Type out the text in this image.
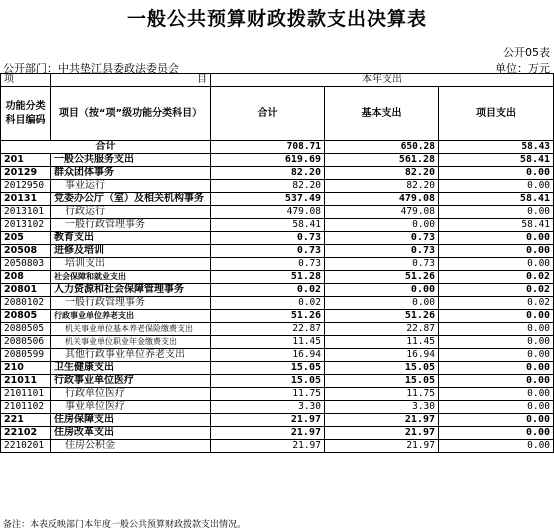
一般公共预算财政拨款支出决算表
公开05表
公开部门：中共垫江县委政法委员会	单位：万元
项	目	本年支出		
功能分类科目编码	项目（按“项”级功能分类科目）	合计	基本支出	项目支出
合计		708.71	650.28	58.43
201	一般公共服务支出	619.69	561.28	58.41
20129	群众团体事务	82.20	82.20	0.00
2012950	事业运行	82.20	82.20	0.00
20131	党委办公厅（室）及相关机构事务	537.49	479.08	58.41
2013101	行政运行	479.08	479.08	0.00
2013102	一般行政管理事务	58.41	0.00	58.41
205	教育支出	0.73	0.73	0.00
20508	进修及培训	0.73	0.73	0.00
2050803	培训支出	0.73	0.73	0.00
208	社会保障和就业支出	51.28	51.26	0.02
20801	人力资源和社会保障管理事务	0.02	0.00	0.02
2080102	一般行政管理事务	0.02	0.00	0.02
20805	行政事业单位养老支出	51.26	51.26	0.00
2080505	机关事业单位基本养老保险缴费支出	22.87	22.87	0.00
2080506	机关事业单位职业年金缴费支出	11.45	11.45	0.00
2080599	其他行政事业单位养老支出	16.94	16.94	0.00
210	卫生健康支出	15.05	15.05	0.00
21011	行政事业单位医疗	15.05	15.05	0.00
2101101	行政单位医疗	11.75	11.75	0.00
2101102	事业单位医疗	3.30	3.30	0.00
221	住房保障支出	21.97	21.97	0.00
22102	住房改革支出	21.97	21.97	0.00
2210201	住房公积金	21.97	21.97	0.00
备注：本表反映部门本年度一般公共预算财政拨款支出情况。
